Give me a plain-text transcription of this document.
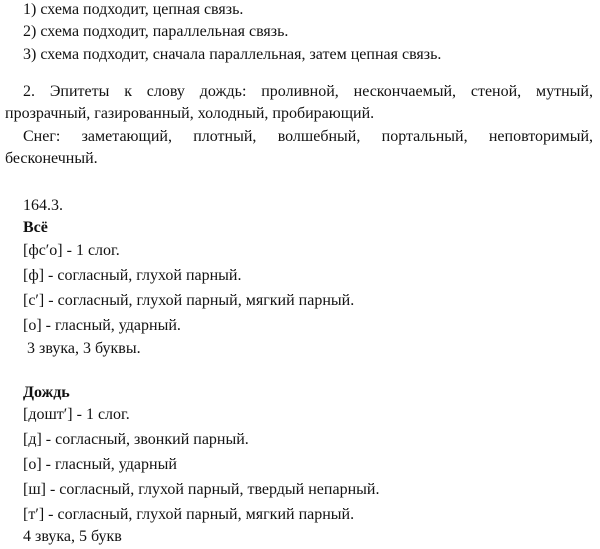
1) схема подходит, цепная связь.

2) схема подходит, параллельная связь.

3) схема подходит, сначала параллельная, затем цепная связь.

2. Эпитеты к слову дождь: проливной, нескончаемый, стеной, мутный,

прозрачный, газированный, холодный, пробирающий.

Снег: заметающий, плотный, волшебный, портальный, неповторимый,

бесконечный.

164.3.

Всё

[фс′о] - 1 слог.

[ф] - согласный, глухой парный.

[с′] - согласный, глухой парный, мягкий парный.

[о] - гласный, ударный.

3 звука, 3 буквы.

Дождь

[дошт′] - 1 слог.

[д] - согласный, звонкий парный.

[о] - гласный, ударный

[ш] - согласный, глухой парный, твердый непарный.

[т′] - согласный, глухой парный, мягкий парный.

4 звука, 5 букв
